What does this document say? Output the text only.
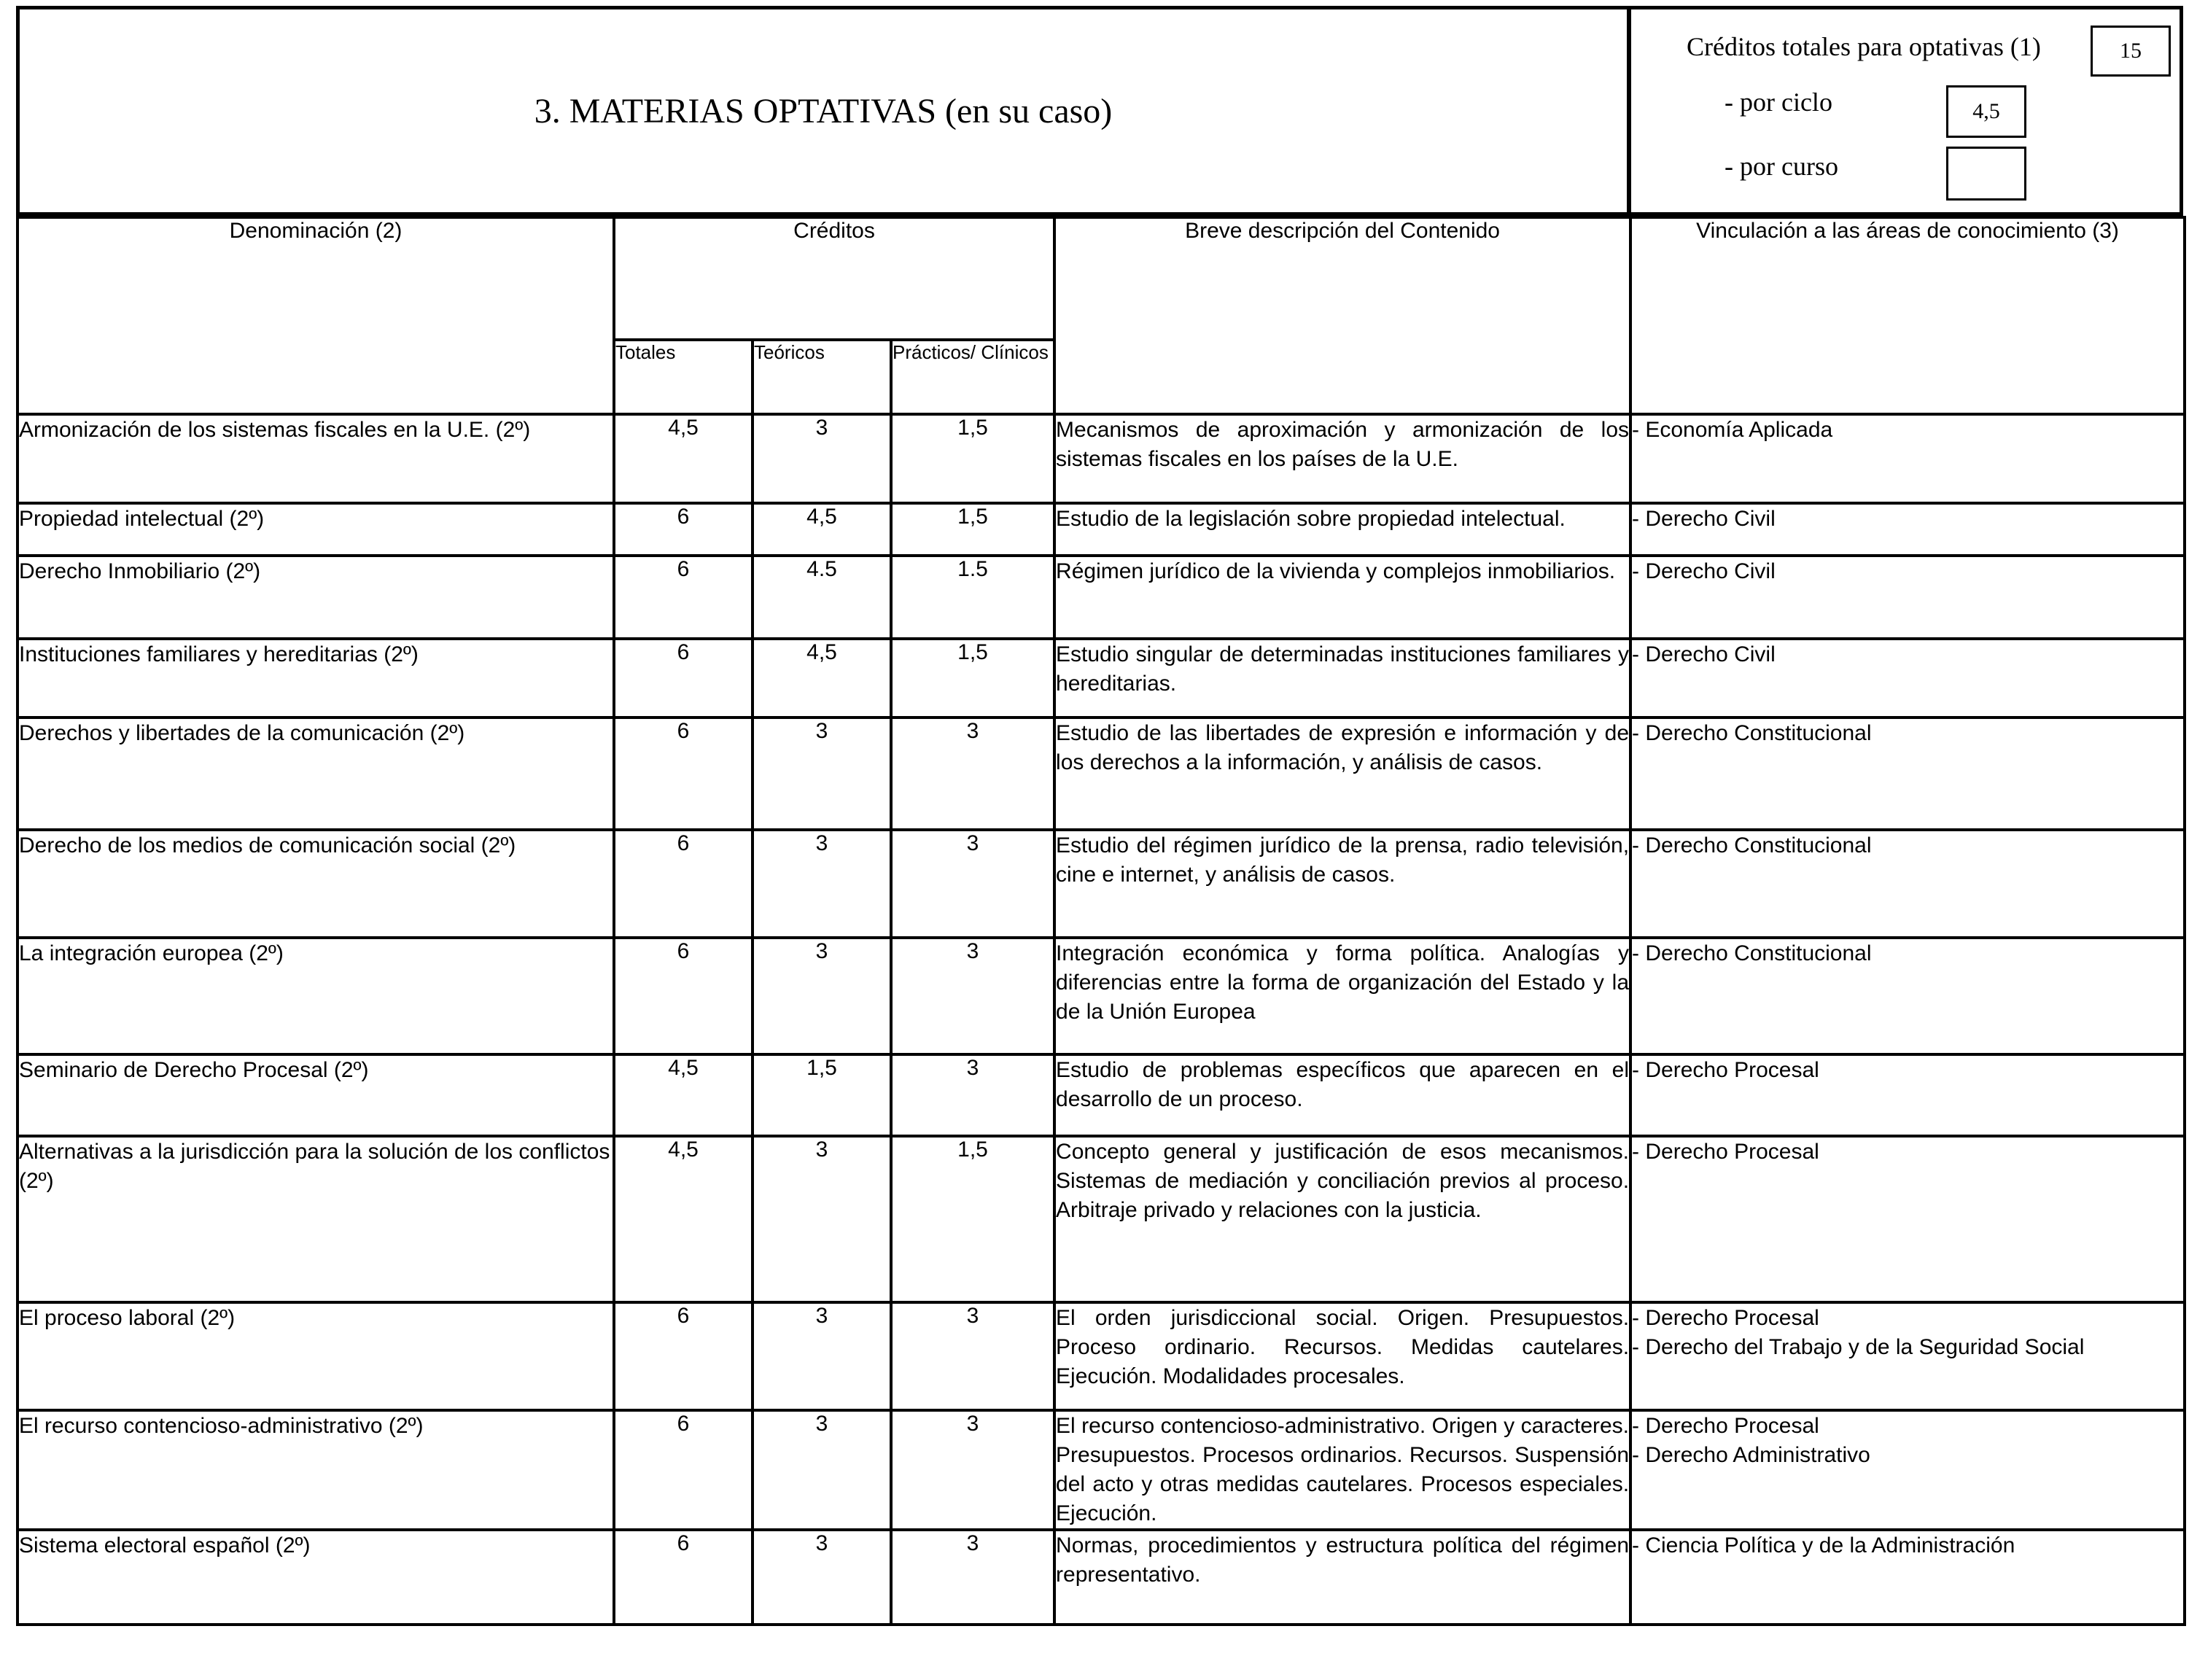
3. MATERIAS OPTATIVAS (en su caso)
Créditos totales para optativas (1)	15
- por ciclo	4,5
- por curso
Denominación (2)	Créditos			Breve descripción del Contenido	Vinculación a las áreas de conocimiento (3)
	Totales	Teóricos	Prácticos/ Clínicos		
Armonización de los sistemas fiscales en la U.E. (2º)	4,5	3	1,5	Mecanismos de aproximación y armonización de los sistemas fiscales en los países de la U.E.	- Economía Aplicada

Propiedad intelectual (2º)	6	4,5	1,5	Estudio de la legislación sobre propiedad intelectual.	- Derecho Civil

Derecho Inmobiliario (2º)	6	4.5	1.5	Régimen jurídico de la vivienda y complejos inmobiliarios.	- Derecho Civil

Instituciones familiares y hereditarias (2º)	6	4,5	1,5	Estudio singular de determinadas instituciones familiares y hereditarias.	- Derecho Civil

Derechos y libertades de la comunicación (2º)	6	3	3	Estudio de las libertades de expresión e información y de los derechos a la información, y análisis de casos.	- Derecho Constitucional

Derecho de los medios de comunicación social (2º)	6	3	3	Estudio del régimen jurídico de la prensa, radio televisión, cine e internet, y análisis de casos.	- Derecho Constitucional

La integración europea (2º)	6	3	3	Integración económica y forma política. Analogías y diferencias entre la forma de organización del Estado y la de la Unión Europea	- Derecho Constitucional

Seminario de Derecho Procesal (2º)	4,5	1,5	3	Estudio de problemas específicos que aparecen en el desarrollo de un proceso.	- Derecho Procesal

Alternativas a la jurisdicción para la solución de los conflictos (2º)	4,5	3	1,5	Concepto general y justificación de esos mecanismos. Sistemas de mediación y conciliación previos al proceso. Arbitraje privado y relaciones con la justicia.	- Derecho Procesal

El proceso laboral (2º)	6	3	3	El orden jurisdiccional social. Origen. Presupuestos. Proceso ordinario. Recursos. Medidas cautelares. Ejecución. Modalidades procesales.	- Derecho Procesal
- Derecho del Trabajo y de la Seguridad Social

El recurso contencioso-administrativo (2º)	6	3	3	El recurso contencioso-administrativo. Origen y caracteres. Presupuestos. Procesos ordinarios. Recursos. Suspensión del acto y otras medidas cautelares. Procesos especiales. Ejecución.	- Derecho Procesal
- Derecho Administrativo

Sistema electoral español (2º)	6	3	3	Normas, procedimientos y estructura política del régimen representativo.	- Ciencia Política y de la Administración
